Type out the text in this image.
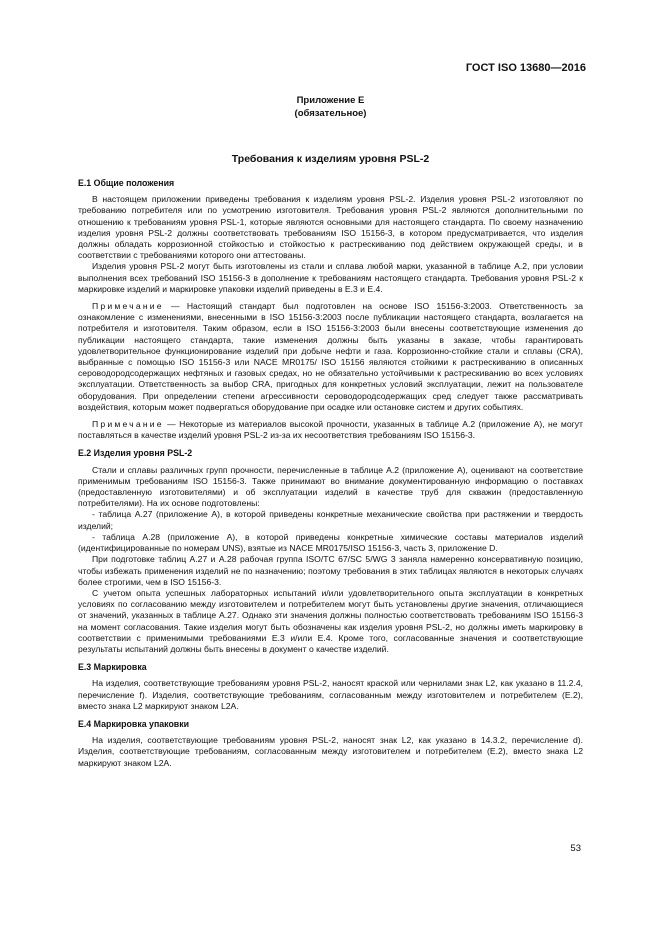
ГОСТ ISO 13680—2016
Приложение Е
(обязательное)
Требования к изделиям уровня PSL-2
Е.1 Общие положения

В настоящем приложении приведены требования к изделиям уровня PSL-2. Изделия уровня PSL-2 изготовляют по требованию потребителя или по усмотрению изготовителя. Требования уровня PSL-2 являются дополнительными по отношению к требованиям уровня PSL-1, которые являются основными для настоящего стандарта. По своему назначению изделия уровня PSL-2 должны соответствовать требованиям ISO 15156-3, в котором предусматривается, что изделия должны обладать коррозионной стойкостью и стойкостью к растрескиванию под действием окружающей среды, и в соответствии с требованиями которого они аттестованы.

Изделия уровня PSL-2 могут быть изготовлены из стали и сплава любой марки, указанной в таблице А.2, при условии выполнения всех требований ISO 15156-3 в дополнение к требованиям настоящего стандарта. Требования уровня PSL-2 к маркировке изделий и маркировке упаковки изделий приведены в Е.3 и Е.4.

Примечание — Настоящий стандарт был подготовлен на основе ISO 15156-3:2003. Ответственность за ознакомление с изменениями, внесенными в ISO 15156-3:2003 после публикации настоящего стандарта, возлагается на потребителя и изготовителя. Таким образом, если в ISO 15156-3:2003 были внесены соответствующие изменения до публикации настоящего стандарта, такие изменения должны быть указаны в заказе, чтобы гарантировать удовлетворительное функционирование изделий при добыче нефти и газа. Коррозионно-стойкие стали и сплавы (CRA), выбранные с помощью ISO 15156-3 или NACE MR0175/ ISO 15156 являются стойкими к растрескиванию в описанных сероводородсодержащих нефтяных и газовых средах, но не обязательно устойчивыми к растрескиванию во всех условиях эксплуатации. Ответственность за выбор CRA, пригодных для конкретных условий эксплуатации, лежит на пользователе оборудования. При определении степени агрессивности сероводородсодержащих сред следует также рассматривать воздействия, которым может подвергаться оборудование при осадке или остановке систем и других событиях.

Примечание — Некоторые из материалов высокой прочности, указанных в таблице А.2 (приложение А), не могут поставляться в качестве изделий уровня PSL-2 из-за их несоответствия требованиям ISO 15156-3.

Е.2 Изделия уровня PSL-2

Стали и сплавы различных групп прочности, перечисленные в таблице А.2 (приложение А), оценивают на соответствие применимым требованиям ISO 15156-3. Также принимают во внимание документированную информацию о поставках (предоставленную изготовителями) и об эксплуатации изделий в качестве труб для скважин (предоставленную потребителями). На их основе подготовлены:

- таблица А.27 (приложение А), в которой приведены конкретные механические свойства при растяжении и твердость изделий;

- таблица А.28 (приложение А), в которой приведены конкретные химические составы материалов изделий (идентифицированные по номерам UNS), взятые из NACE MR0175/ISO 15156-3, часть 3, приложение D.

При подготовке таблиц А.27 и А.28 рабочая группа ISO/TC 67/SC 5/WG 3 заняла намеренно консервативную позицию, чтобы избежать применения изделий не по назначению; поэтому требования в этих таблицах являются в некоторых случаях более строгими, чем в ISO 15156-3.

С учетом опыта успешных лабораторных испытаний и/или удовлетворительного опыта эксплуатации в конкретных условиях по согласованию между изготовителем и потребителем могут быть установлены другие значения, отличающиеся от значений, указанных в таблице А.27. Однако эти значения должны полностью соответствовать требованиям ISO 15156-3 на момент согласования. Такие изделия могут быть обозначены как изделия уровня PSL-2, но должны иметь маркировку в соответствии с применимыми требованиями Е.3 и/или Е.4. Кроме того, согласованные значения и соответствующие результаты испытаний должны быть внесены в документ о качестве изделий.

Е.3 Маркировка

На изделия, соответствующие требованиям уровня PSL-2, наносят краской или чернилами знак L2, как указано в 11.2.4, перечисление f). Изделия, соответствующие требованиям, согласованным между изготовителем и потребителем (Е.2), вместо знака L2 маркируют знаком L2A.

Е.4 Маркировка упаковки

На изделия, соответствующие требованиям уровня PSL-2, наносят знак L2, как указано в 14.3.2, перечисление d). Изделия, соответствующие требованиям, согласованным между изготовителем и потребителем (Е.2), вместо знака L2 маркируют знаком L2A.

53
